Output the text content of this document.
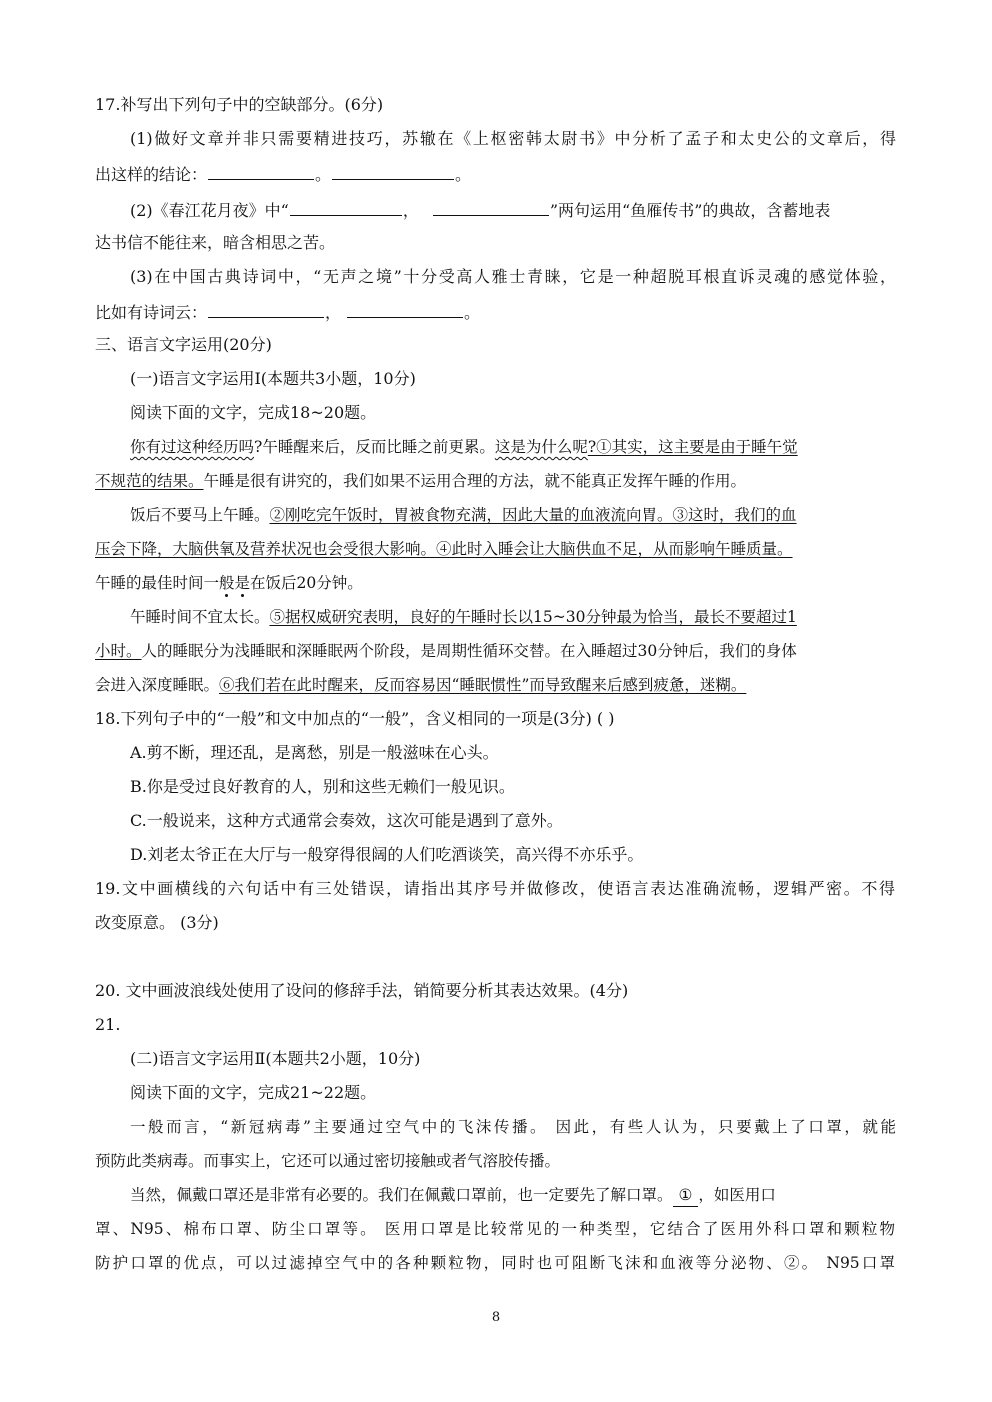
17.补写出下列句子中的空缺部分。(6分)
(1)做好文章并非只需要精进技巧，苏辙在《上枢密韩太尉书》中分析了孟子和太史公的文章后，得
出这样的结论：	。	。
(2)《春江花月夜》中“	，	”两句运用“鱼雁传书”的典故，含蓄地表
达书信不能往来，暗含相思之苦。
(3)在中国古典诗词中，“无声之境”十分受高人雅士青睐，它是一种超脱耳根直诉灵魂的感觉体验，
比如有诗词云：	，	。
三、语言文字运用(20分)
(一)语言文字运用Ⅰ(本题共3小题，10分)
阅读下面的文字，完成18~20题。
你有过这种经历吗?午睡醒来后，反而比睡之前更累。这是为什么呢?①其实，这主要是由于睡午觉
不规范的结果。午睡是很有讲究的，我们如果不运用合理的方法，就不能真正发挥午睡的作用。
饭后不要马上午睡。②刚吃完午饭时，胃被食物充满，因此大量的血液流向胃。③这时，我们的血
压会下降，大脑供氧及营养状况也会受很大影响。④此时入睡会让大脑供血不足，从而影响午睡质量。
午睡的最佳时间一般是在饭后20分钟。
午睡时间不宜太长。⑤据权威研究表明，良好的午睡时长以15~30分钟最为恰当，最长不要超过1
小时。人的睡眠分为浅睡眠和深睡眠两个阶段，是周期性循环交替。在入睡超过30分钟后，我们的身体
会进入深度睡眠。⑥我们若在此时醒来，反而容易因“睡眠惯性”而导致醒来后感到疲惫，迷糊。
18.下列句子中的“一般”和文中加点的“一般”，含义相同的一项是(3分) ( )
A.剪不断，理还乱，是离愁，别是一般滋味在心头。
B.你是受过良好教育的人，别和这些无赖们一般见识。
C.一般说来，这种方式通常会奏效，这次可能是遇到了意外。
D.刘老太爷正在大厅与一般穿得很阔的人们吃酒谈笑，高兴得不亦乐乎。
19.文中画横线的六句话中有三处错误，请指出其序号并做修改，使语言表达准确流畅，逻辑严密。不得
改变原意。 (3分)
20. 文中画波浪线处使用了设问的修辞手法，销简要分析其表达效果。(4分)
21.
(二)语言文字运用Ⅱ(本题共2小题，10分)
阅读下面的文字，完成21~22题。
一般而言，“新冠病毒”主要通过空气中的飞沫传播。 因此，有些人认为，只要戴上了口罩，就能
预防此类病毒。而事实上，它还可以通过密切接触或者气溶胶传播。
当然，佩戴口罩还是非常有必要的。我们在佩戴口罩前，也一定要先了解口罩。 ① ，如医用口
罩、N95、棉布口罩、防尘口罩等。 医用口罩是比较常见的一种类型，它结合了医用外科口罩和颗粒物
防护口罩的优点，可以过滤掉空气中的各种颗粒物，同时也可阻断飞沫和血液等分泌物、②。 N95口罩
8
